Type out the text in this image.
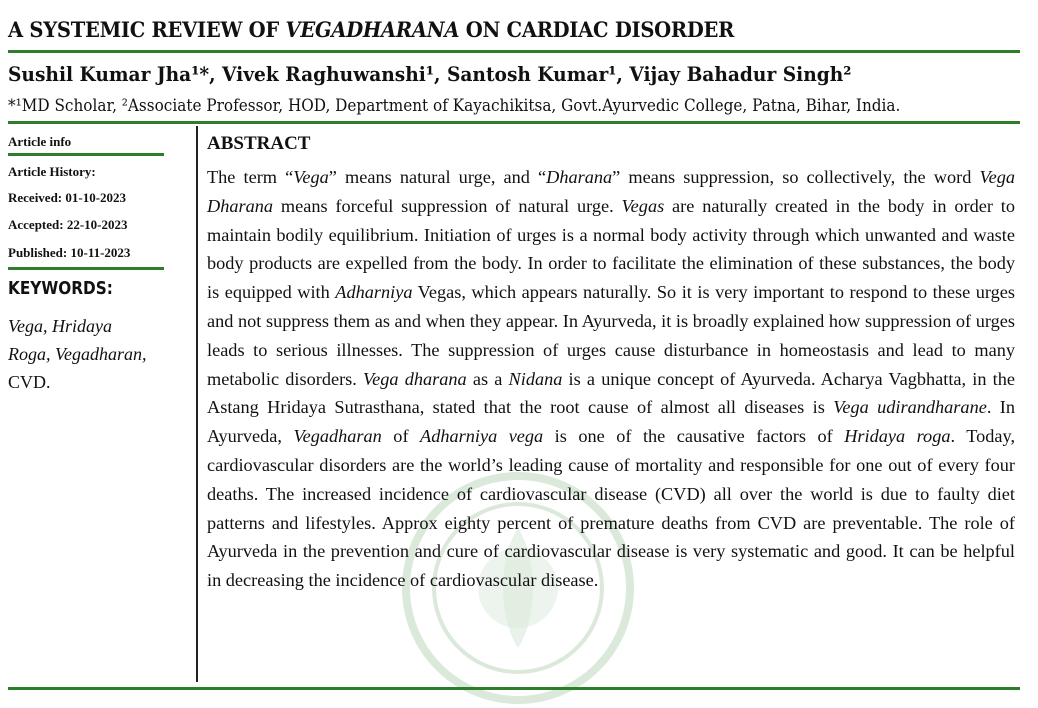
A SYSTEMIC REVIEW OF VEGADHARANA ON CARDIAC DISORDER
Sushil Kumar Jha¹*, Vivek Raghuwanshi¹, Santosh Kumar¹, Vijay Bahadur Singh²
*¹MD Scholar, ²Associate Professor, HOD, Department of Kayachikitsa, Govt.Ayurvedic College, Patna, Bihar, India.
Article info
Article History:
Received: 01-10-2023
Accepted: 22-10-2023
Published: 10-11-2023
KEYWORDS:
Vega, Hridaya
Roga, Vegadharan,
CVD.
ABSTRACT
The term “Vega” means natural urge, and “Dharana” means suppression, so collectively, the word Vega Dharana means forceful suppression of natural urge. Vegas are naturally created in the body in order to maintain bodily equilibrium. Initiation of urges is a normal body activity through which unwanted and waste body products are expelled from the body. In order to facilitate the elimination of these substances, the body is equipped with Adharniya Vegas, which appears naturally. So it is very important to respond to these urges and not suppress them as and when they appear. In Ayurveda, it is broadly explained how suppression of urges leads to serious illnesses. The suppression of urges cause disturbance in homeostasis and lead to many metabolic disorders. Vega dharana as a Nidana is a unique concept of Ayurveda. Acharya Vagbhatta, in the Astang Hridaya Sutrasthana, stated that the root cause of almost all diseases is Vega udirandharane. In Ayurveda, Vegadharan of Adharniya vega is one of the causative factors of Hridaya roga. Today, cardiovascular disorders are the world’s leading cause of mortality and responsible for one out of every four deaths. The increased incidence of cardiovascular disease (CVD) all over the world is due to faulty diet patterns and lifestyles. Approx eighty percent of premature deaths from CVD are preventable. The role of Ayurveda in the prevention and cure of cardiovascular disease is very systematic and good. It can be helpful in decreasing the incidence of cardiovascular disease.
